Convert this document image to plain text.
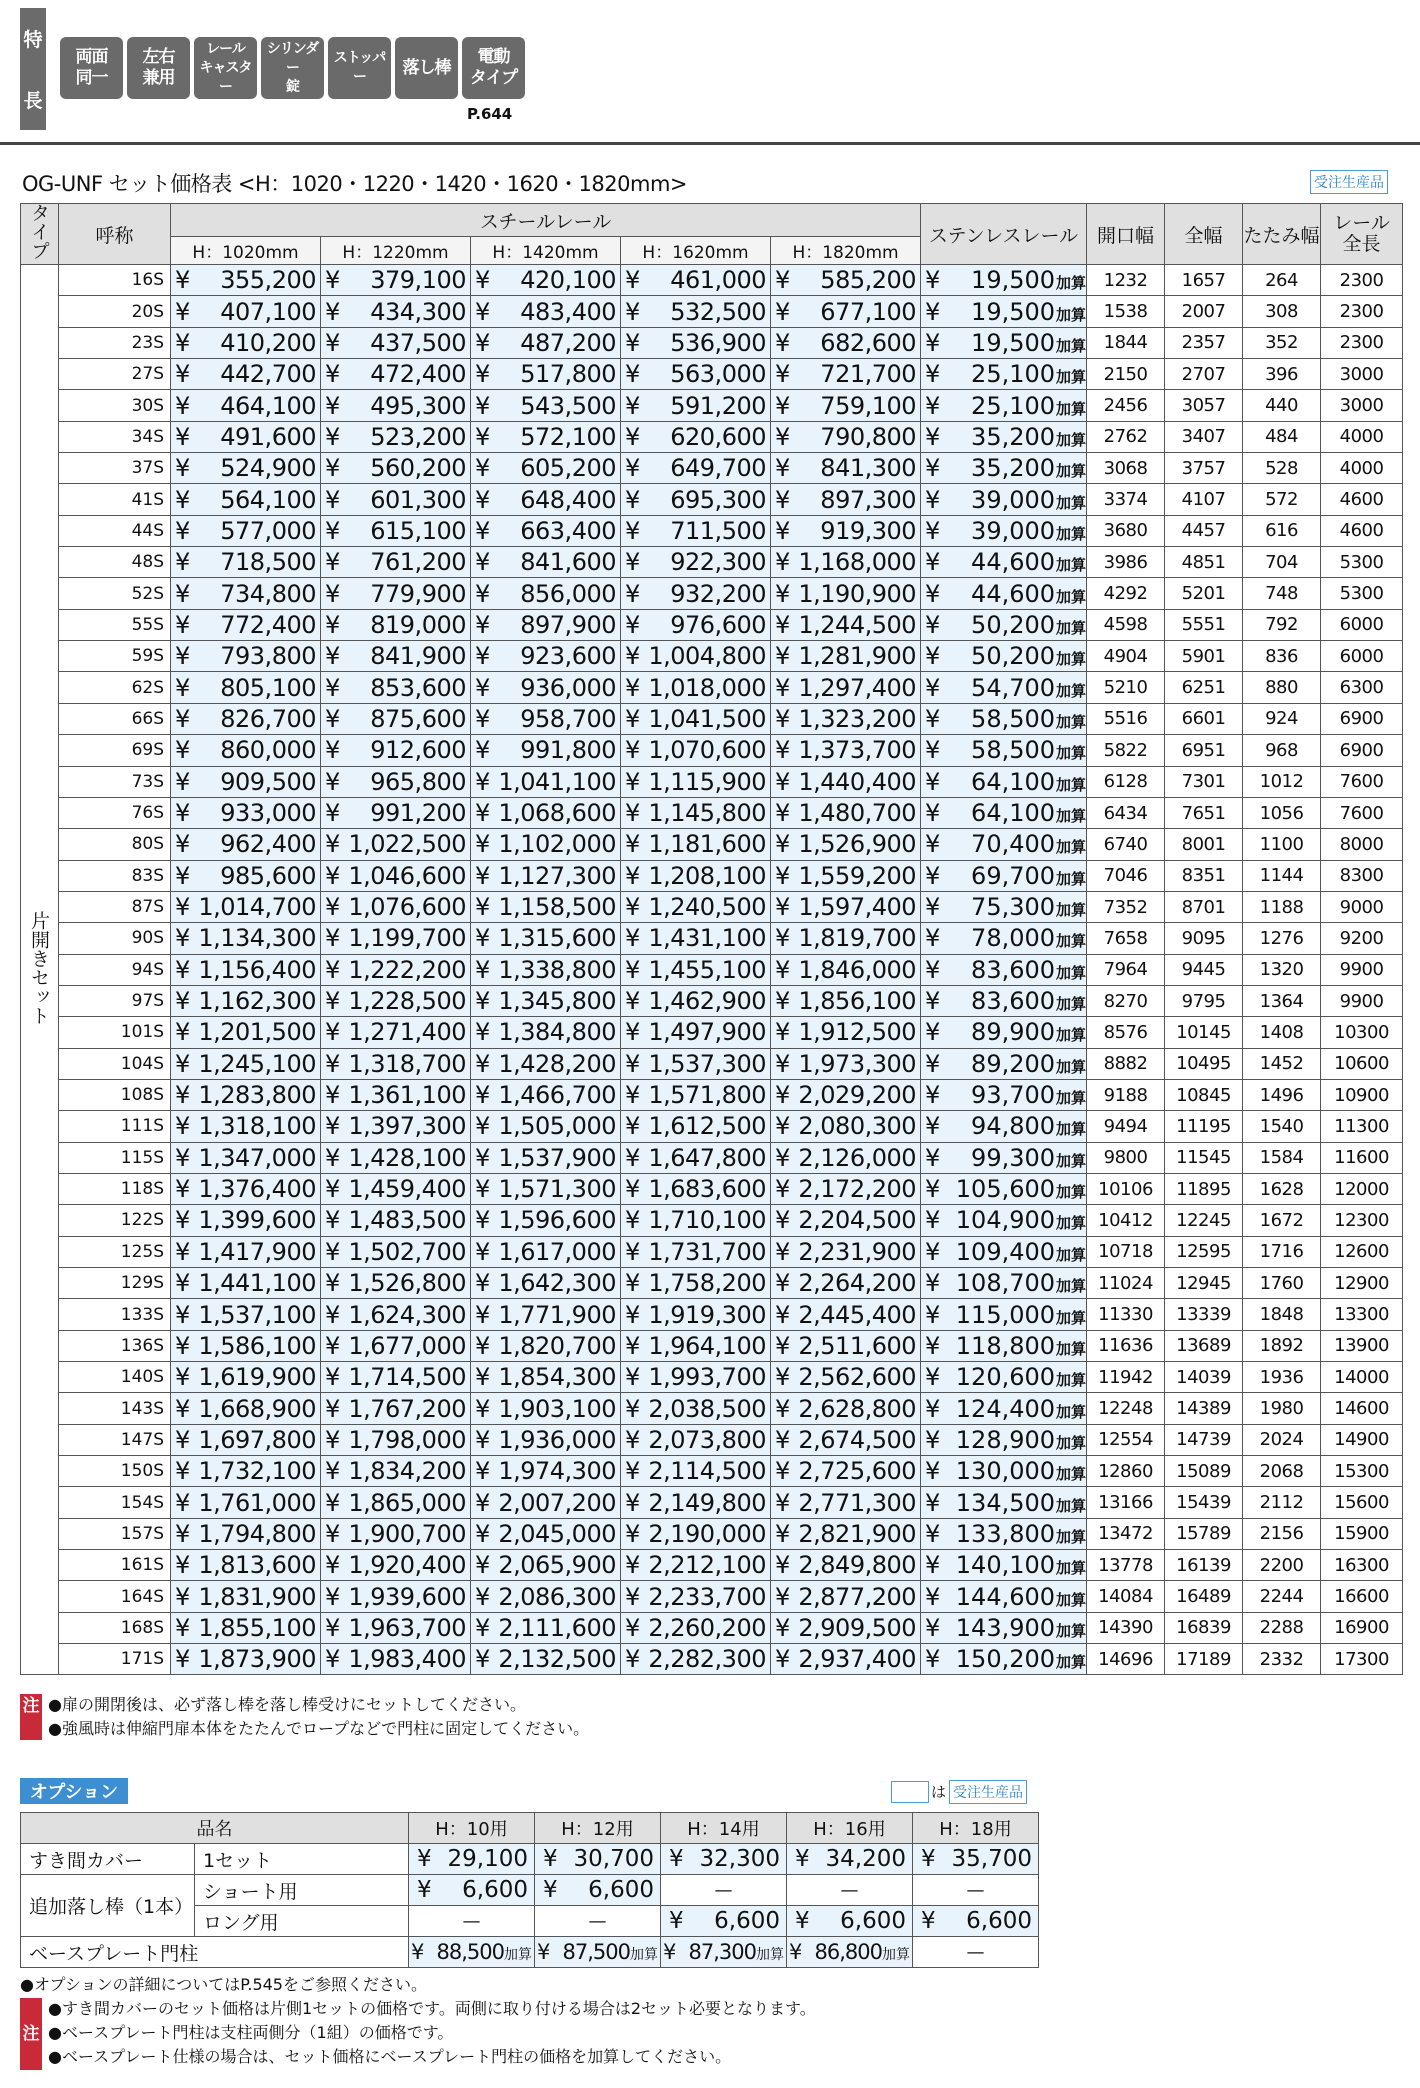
特
長
両面
同一
左右
兼用
レール
キャスター
シリンダー
錠
ストッパー	落し棒
電動
タイプ
P.644
OG-UNF セット価格表 <H：1020・1220・1420・1620・1820mm>	受注生産品
タイプ	呼称	スチールレール					ステンレスレール	開口幅	全幅	たたみ幅	レール
全長
		H：1020mm	H：1220mm	H：1420mm	H：1620mm	H：1820mm					
片開きセット	16S	¥ 355,200	¥ 379,100	¥ 420,100	¥ 461,000	¥ 585,200	¥ 19,500加算	1232	1657	264	2300
	20S	¥ 407,100	¥ 434,300	¥ 483,400	¥ 532,500	¥ 677,100	¥ 19,500加算	1538	2007	308	2300
	23S	¥ 410,200	¥ 437,500	¥ 487,200	¥ 536,900	¥ 682,600	¥ 19,500加算	1844	2357	352	2300
	27S	¥ 442,700	¥ 472,400	¥ 517,800	¥ 563,000	¥ 721,700	¥ 25,100加算	2150	2707	396	3000
	30S	¥ 464,100	¥ 495,300	¥ 543,500	¥ 591,200	¥ 759,100	¥ 25,100加算	2456	3057	440	3000
	34S	¥ 491,600	¥ 523,200	¥ 572,100	¥ 620,600	¥ 790,800	¥ 35,200加算	2762	3407	484	4000
	37S	¥ 524,900	¥ 560,200	¥ 605,200	¥ 649,700	¥ 841,300	¥ 35,200加算	3068	3757	528	4000
	41S	¥ 564,100	¥ 601,300	¥ 648,400	¥ 695,300	¥ 897,300	¥ 39,000加算	3374	4107	572	4600
	44S	¥ 577,000	¥ 615,100	¥ 663,400	¥ 711,500	¥ 919,300	¥ 39,000加算	3680	4457	616	4600
	48S	¥ 718,500	¥ 761,200	¥ 841,600	¥ 922,300	¥ 1,168,000	¥ 44,600加算	3986	4851	704	5300
	52S	¥ 734,800	¥ 779,900	¥ 856,000	¥ 932,200	¥ 1,190,900	¥ 44,600加算	4292	5201	748	5300
	55S	¥ 772,400	¥ 819,000	¥ 897,900	¥ 976,600	¥ 1,244,500	¥ 50,200加算	4598	5551	792	6000
	59S	¥ 793,800	¥ 841,900	¥ 923,600	¥ 1,004,800	¥ 1,281,900	¥ 50,200加算	4904	5901	836	6000
	62S	¥ 805,100	¥ 853,600	¥ 936,000	¥ 1,018,000	¥ 1,297,400	¥ 54,700加算	5210	6251	880	6300
	66S	¥ 826,700	¥ 875,600	¥ 958,700	¥ 1,041,500	¥ 1,323,200	¥ 58,500加算	5516	6601	924	6900
	69S	¥ 860,000	¥ 912,600	¥ 991,800	¥ 1,070,600	¥ 1,373,700	¥ 58,500加算	5822	6951	968	6900
	73S	¥ 909,500	¥ 965,800	¥ 1,041,100	¥ 1,115,900	¥ 1,440,400	¥ 64,100加算	6128	7301	1012	7600
	76S	¥ 933,000	¥ 991,200	¥ 1,068,600	¥ 1,145,800	¥ 1,480,700	¥ 64,100加算	6434	7651	1056	7600
	80S	¥ 962,400	¥ 1,022,500	¥ 1,102,000	¥ 1,181,600	¥ 1,526,900	¥ 70,400加算	6740	8001	1100	8000
	83S	¥ 985,600	¥ 1,046,600	¥ 1,127,300	¥ 1,208,100	¥ 1,559,200	¥ 69,700加算	7046	8351	1144	8300
	87S	¥ 1,014,700	¥ 1,076,600	¥ 1,158,500	¥ 1,240,500	¥ 1,597,400	¥ 75,300加算	7352	8701	1188	9000
	90S	¥ 1,134,300	¥ 1,199,700	¥ 1,315,600	¥ 1,431,100	¥ 1,819,700	¥ 78,000加算	7658	9095	1276	9200
	94S	¥ 1,156,400	¥ 1,222,200	¥ 1,338,800	¥ 1,455,100	¥ 1,846,000	¥ 83,600加算	7964	9445	1320	9900
	97S	¥ 1,162,300	¥ 1,228,500	¥ 1,345,800	¥ 1,462,900	¥ 1,856,100	¥ 83,600加算	8270	9795	1364	9900
	101S	¥ 1,201,500	¥ 1,271,400	¥ 1,384,800	¥ 1,497,900	¥ 1,912,500	¥ 89,900加算	8576	10145	1408	10300
	104S	¥ 1,245,100	¥ 1,318,700	¥ 1,428,200	¥ 1,537,300	¥ 1,973,300	¥ 89,200加算	8882	10495	1452	10600
	108S	¥ 1,283,800	¥ 1,361,100	¥ 1,466,700	¥ 1,571,800	¥ 2,029,200	¥ 93,700加算	9188	10845	1496	10900
	111S	¥ 1,318,100	¥ 1,397,300	¥ 1,505,000	¥ 1,612,500	¥ 2,080,300	¥ 94,800加算	9494	11195	1540	11300
	115S	¥ 1,347,000	¥ 1,428,100	¥ 1,537,900	¥ 1,647,800	¥ 2,126,000	¥ 99,300加算	9800	11545	1584	11600
	118S	¥ 1,376,400	¥ 1,459,400	¥ 1,571,300	¥ 1,683,600	¥ 2,172,200	¥ 105,600加算	10106	11895	1628	12000
	122S	¥ 1,399,600	¥ 1,483,500	¥ 1,596,600	¥ 1,710,100	¥ 2,204,500	¥ 104,900加算	10412	12245	1672	12300
	125S	¥ 1,417,900	¥ 1,502,700	¥ 1,617,000	¥ 1,731,700	¥ 2,231,900	¥ 109,400加算	10718	12595	1716	12600
	129S	¥ 1,441,100	¥ 1,526,800	¥ 1,642,300	¥ 1,758,200	¥ 2,264,200	¥ 108,700加算	11024	12945	1760	12900
	133S	¥ 1,537,100	¥ 1,624,300	¥ 1,771,900	¥ 1,919,300	¥ 2,445,400	¥ 115,000加算	11330	13339	1848	13300
	136S	¥ 1,586,100	¥ 1,677,000	¥ 1,820,700	¥ 1,964,100	¥ 2,511,600	¥ 118,800加算	11636	13689	1892	13900
	140S	¥ 1,619,900	¥ 1,714,500	¥ 1,854,300	¥ 1,993,700	¥ 2,562,600	¥ 120,600加算	11942	14039	1936	14000
	143S	¥ 1,668,900	¥ 1,767,200	¥ 1,903,100	¥ 2,038,500	¥ 2,628,800	¥ 124,400加算	12248	14389	1980	14600
	147S	¥ 1,697,800	¥ 1,798,000	¥ 1,936,000	¥ 2,073,800	¥ 2,674,500	¥ 128,900加算	12554	14739	2024	14900
	150S	¥ 1,732,100	¥ 1,834,200	¥ 1,974,300	¥ 2,114,500	¥ 2,725,600	¥ 130,000加算	12860	15089	2068	15300
	154S	¥ 1,761,000	¥ 1,865,000	¥ 2,007,200	¥ 2,149,800	¥ 2,771,300	¥ 134,500加算	13166	15439	2112	15600
	157S	¥ 1,794,800	¥ 1,900,700	¥ 2,045,000	¥ 2,190,000	¥ 2,821,900	¥ 133,800加算	13472	15789	2156	15900
	161S	¥ 1,813,600	¥ 1,920,400	¥ 2,065,900	¥ 2,212,100	¥ 2,849,800	¥ 140,100加算	13778	16139	2200	16300
	164S	¥ 1,831,900	¥ 1,939,600	¥ 2,086,300	¥ 2,233,700	¥ 2,877,200	¥ 144,600加算	14084	16489	2244	16600
	168S	¥ 1,855,100	¥ 1,963,700	¥ 2,111,600	¥ 2,260,200	¥ 2,909,500	¥ 143,900加算	14390	16839	2288	16900
	171S	¥ 1,873,900	¥ 1,983,400	¥ 2,132,500	¥ 2,282,300	¥ 2,937,400	¥ 150,200加算	14696	17189	2332	17300
注 ●扉の開閉後は、必ず落し棒を落し棒受けにセットしてください。
●強風時は伸縮門扉本体をたたんでロープなどで門柱に固定してください。
オプション	は 受注生産品
品名		H：10用	H：12用	H：14用	H：16用	H：18用
すき間カバー	1セット	¥ 29,100	¥ 30,700	¥ 32,300	¥ 34,200	¥ 35,700

追加落し棒（1本）	ショート用	¥ 6,600	¥ 6,600	—	—	—
	ロング用	—	—	¥ 6,600	¥ 6,600	¥ 6,600

ベースプレート門柱		¥ 88,500加算	¥ 87,500加算	¥ 87,300加算	¥ 86,800加算	—
●オプションの詳細についてはP.545をご参照ください。
注
●すき間カバーのセット価格は片側1セットの価格です。両側に取り付ける場合は2セット必要となります。
●ベースプレート門柱は支柱両側分（1組）の価格です。
●ベースプレート仕様の場合は、セット価格にベースプレート門柱の価格を加算してください。
